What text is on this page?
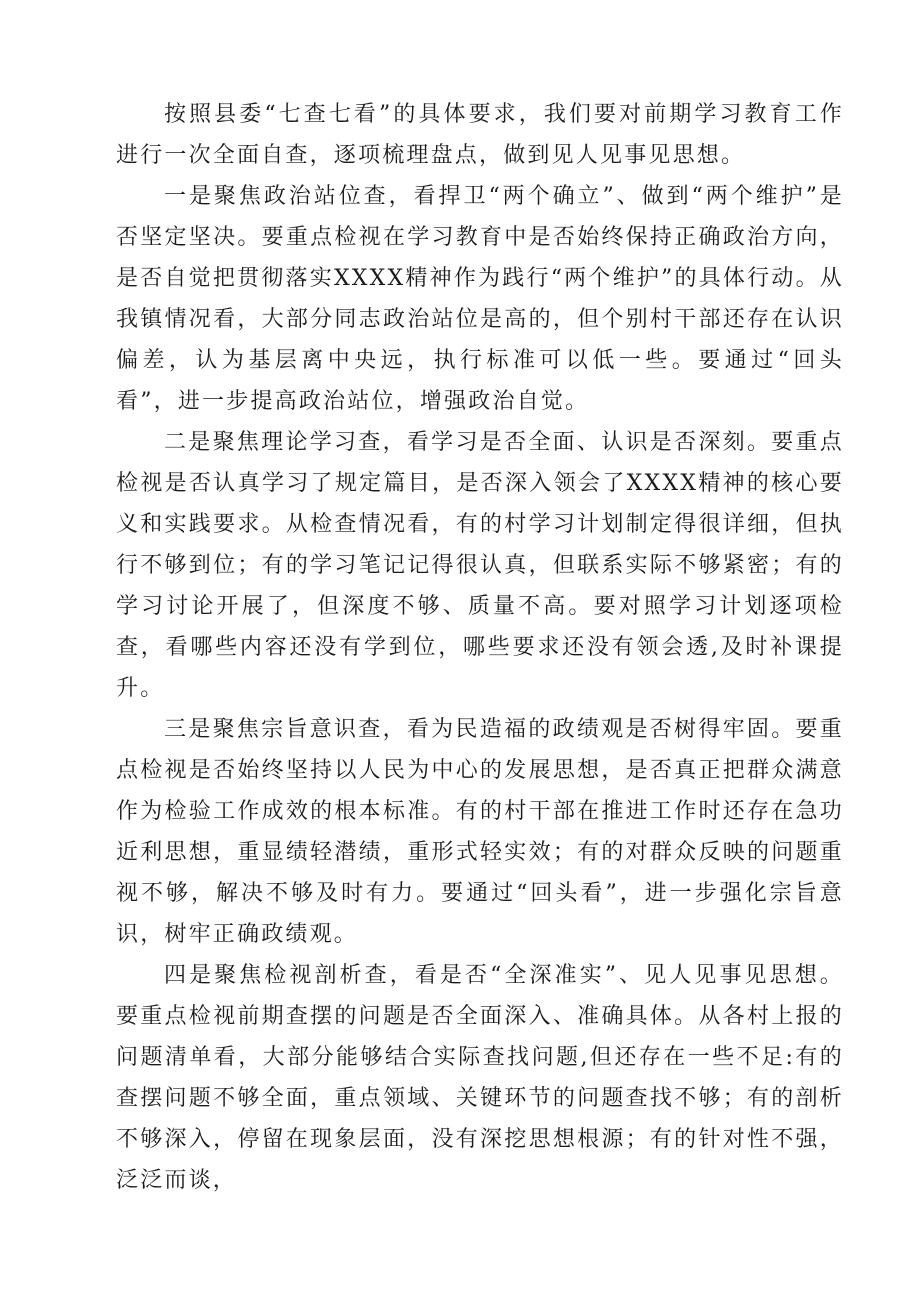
按照县委“七查七看”的具体要求，我们要对前期学习教育工作进行一次全面自查，逐项梳理盘点，做到见人见事见思想。

一是聚焦政治站位查，看捍卫“两个确立”、做到“两个维护”是否坚定坚决。要重点检视在学习教育中是否始终保持正确政治方向，是否自觉把贯彻落实XXXX精神作为践行“两个维护”的具体行动。从我镇情况看，大部分同志政治站位是高的，但个别村干部还存在认识偏差，认为基层离中央远，执行标准可以低一些。要通过“回头看”，进一步提高政治站位，增强政治自觉。

二是聚焦理论学习查，看学习是否全面、认识是否深刻。要重点检视是否认真学习了规定篇目，是否深入领会了XXXX精神的核心要义和实践要求。从检查情况看，有的村学习计划制定得很详细，但执行不够到位；有的学习笔记记得很认真，但联系实际不够紧密；有的学习讨论开展了，但深度不够、质量不高。要对照学习计划逐项检查，看哪些内容还没有学到位，哪些要求还没有领会透,及时补课提升。

三是聚焦宗旨意识查，看为民造福的政绩观是否树得牢固。要重点检视是否始终坚持以人民为中心的发展思想，是否真正把群众满意作为检验工作成效的根本标准。有的村干部在推进工作时还存在急功近利思想，重显绩轻潜绩，重形式轻实效；有的对群众反映的问题重视不够，解决不够及时有力。要通过“回头看”，进一步强化宗旨意识，树牢正确政绩观。

四是聚焦检视剖析查，看是否“全深准实”、见人见事见思想。要重点检视前期查摆的问题是否全面深入、准确具体。从各村上报的问题清单看，大部分能够结合实际查找问题,但还存在一些不足:有的查摆问题不够全面，重点领域、关键环节的问题查找不够；有的剖析不够深入，停留在现象层面，没有深挖思想根源；有的针对性不强，泛泛而谈，
